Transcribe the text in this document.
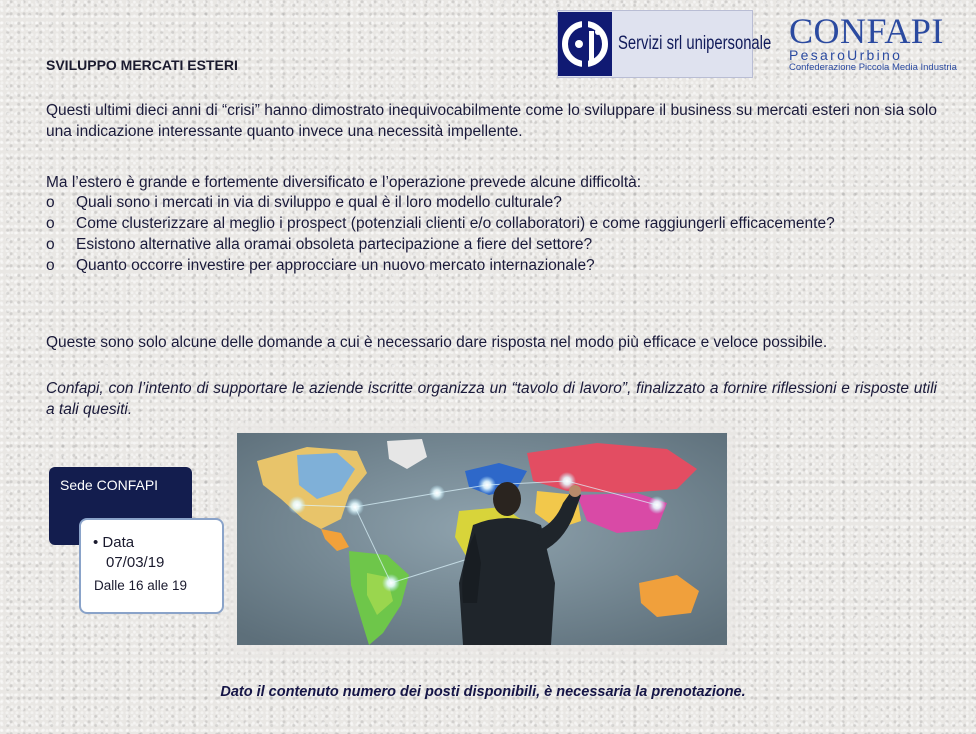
Servizi srl unipersonale CONFAPI
PesaroUrbino
Confederazione Piccola Media Industria
SVILUPPO MERCATI ESTERI
Questi ultimi dieci anni di “crisi” hanno dimostrato inequivocabilmente come lo sviluppare il business su mercati esteri non sia solo una indicazione interessante quanto invece una necessità impellente.
Ma l’estero è grande e fortemente diversificato e l’operazione prevede alcune difficoltà:
o Quali sono i mercati in via di sviluppo e qual è il loro modello culturale?
o Come clusterizzare al meglio i prospect (potenziali clienti e/o collaboratori) e come raggiungerli efficacemente?
o Esistono alternative alla oramai obsoleta partecipazione a fiere del settore?
o Quanto occorre investire per approcciare un nuovo mercato internazionale?
Queste sono solo alcune delle domande a cui è necessario dare risposta nel modo più efficace e veloce possibile.
Confapi, con l’intento di supportare le aziende iscritte organizza un “tavolo di lavoro”, finalizzato a fornire riflessioni e risposte utili a tali quesiti.
Sede CONFAPI
• Data
07/03/19
Dalle 16 alle 19
Dato il contenuto numero dei posti disponibili, è necessaria la prenotazione.
